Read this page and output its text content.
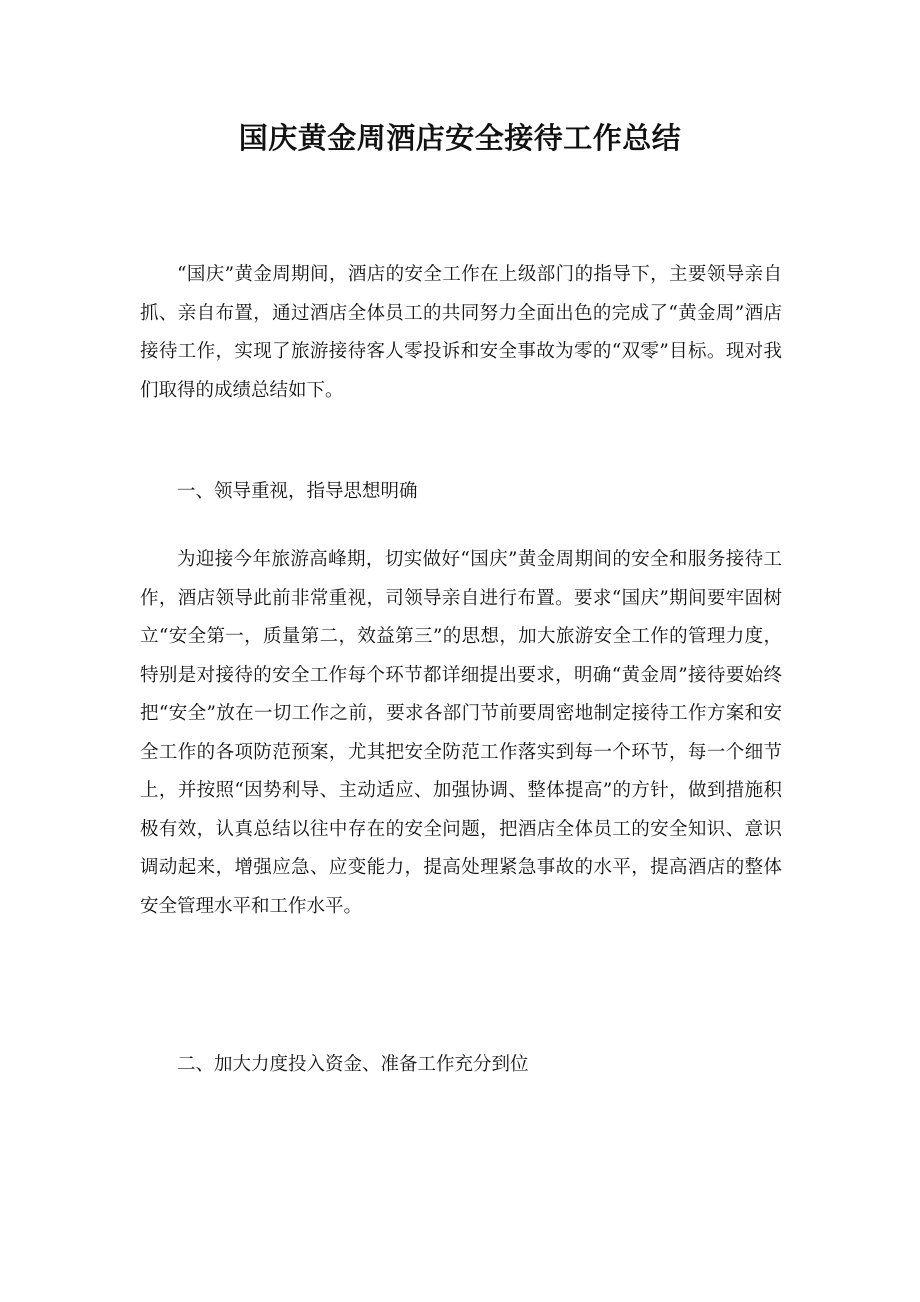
国庆黄金周酒店安全接待工作总结

“国庆”黄金周期间，酒店的安全工作在上级部门的指导下，主要领导亲自抓、亲自布置，通过酒店全体员工的共同努力全面出色的完成了“黄金周”酒店接待工作，实现了旅游接待客人零投诉和安全事故为零的“双零”目标。现对我们取得的成绩总结如下。

一、领导重视，指导思想明确

为迎接今年旅游高峰期，切实做好“国庆”黄金周期间的安全和服务接待工作，酒店领导此前非常重视，司领导亲自进行布置。要求“国庆”期间要牢固树立“安全第一，质量第二，效益第三”的思想，加大旅游安全工作的管理力度，特别是对接待的安全工作每个环节都详细提出要求，明确“黄金周”接待要始终把“安全”放在一切工作之前，要求各部门节前要周密地制定接待工作方案和安全工作的各项防范预案，尤其把安全防范工作落实到每一个环节，每一个细节上，并按照“因势利导、主动适应、加强协调、整体提高”的方针，做到措施积极有效，认真总结以往中存在的安全问题，把酒店全体员工的安全知识、意识调动起来，增强应急、应变能力，提高处理紧急事故的水平，提高酒店的整体安全管理水平和工作水平。

二、加大力度投入资金、准备工作充分到位
